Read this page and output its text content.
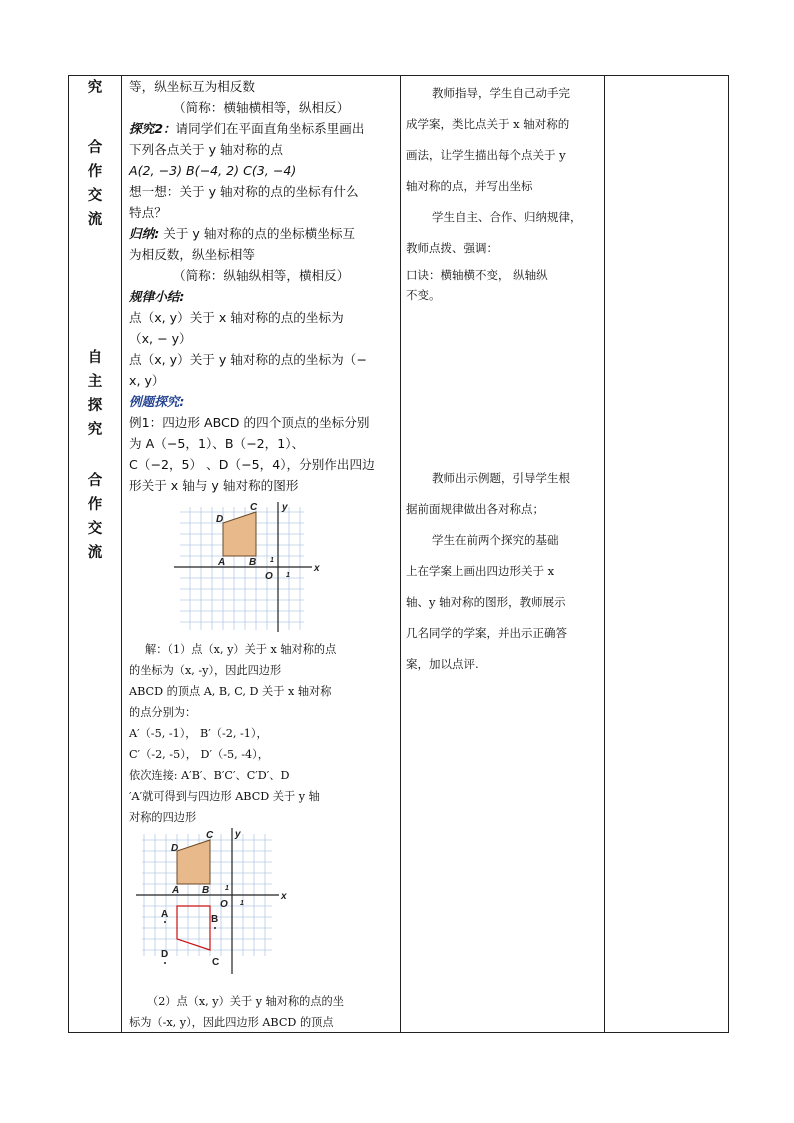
究
合
作
交
流
自
主
探
究
合
作
交
流
等，纵坐标互为相反数
（简称：横轴横相等，纵相反）
探究2：请同学们在平面直角坐标系里画出
下列各点关于 y 轴对称的点
A(2, −3) B(−4, 2) C(3, −4)
想一想：关于 y 轴对称的点的坐标有什么
特点？
归纳: 关于 y 轴对称的点的坐标横坐标互
为相反数，纵坐标相等
（简称：纵轴纵相等，横相反）
规律小结:
点（x, y）关于 x 轴对称的点的坐标为
（x, − y）
点（x, y）关于 y 轴对称的点的坐标为（−
x, y）
例题探究:
例1：四边形 ABCD 的四个顶点的坐标分别
为 A（−5，1）、B（−2，1）、
C（−2，5） 、D（−5，4），分别作出四边
形关于 x 轴与 y 轴对称的图形
D
C
A B
O 1
1
x
y
解：（1）点（x, y）关于 x 轴对称的点
的坐标为（x, -y），因此四边形
ABCD 的顶点 A, B, C, D 关于 x 轴对称
的点分别为：
A′（-5, -1）， B′（-2, -1），
C′（-2, -5）， D′（-5, -4），
依次连接: A′B′、B′C′、C′D′、D
′A′就可得到与四边形 ABCD 关于 y 轴
对称的四边形
D
C
A B
O 1
1
x
y
A	B
C
D
（2）点（x, y）关于 y 轴对称的点的坐
标为（-x, y），因此四边形 ABCD 的顶点
教师指导，学生自己动手完
成学案，类比点关于 x 轴对称的
画法，让学生描出每个点关于 y
轴对称的点，并写出坐标
学生自主、合作、归纳规律，
教师点拨、强调：
口诀：横轴横不变， 纵轴纵
不变。
教师出示例题，引导学生根
据前面规律做出各对称点；
学生在前两个探究的基础
上在学案上画出四边形关于 x
轴、y 轴对称的图形，教师展示
几名同学的学案，并出示正确答
案，加以点评.
